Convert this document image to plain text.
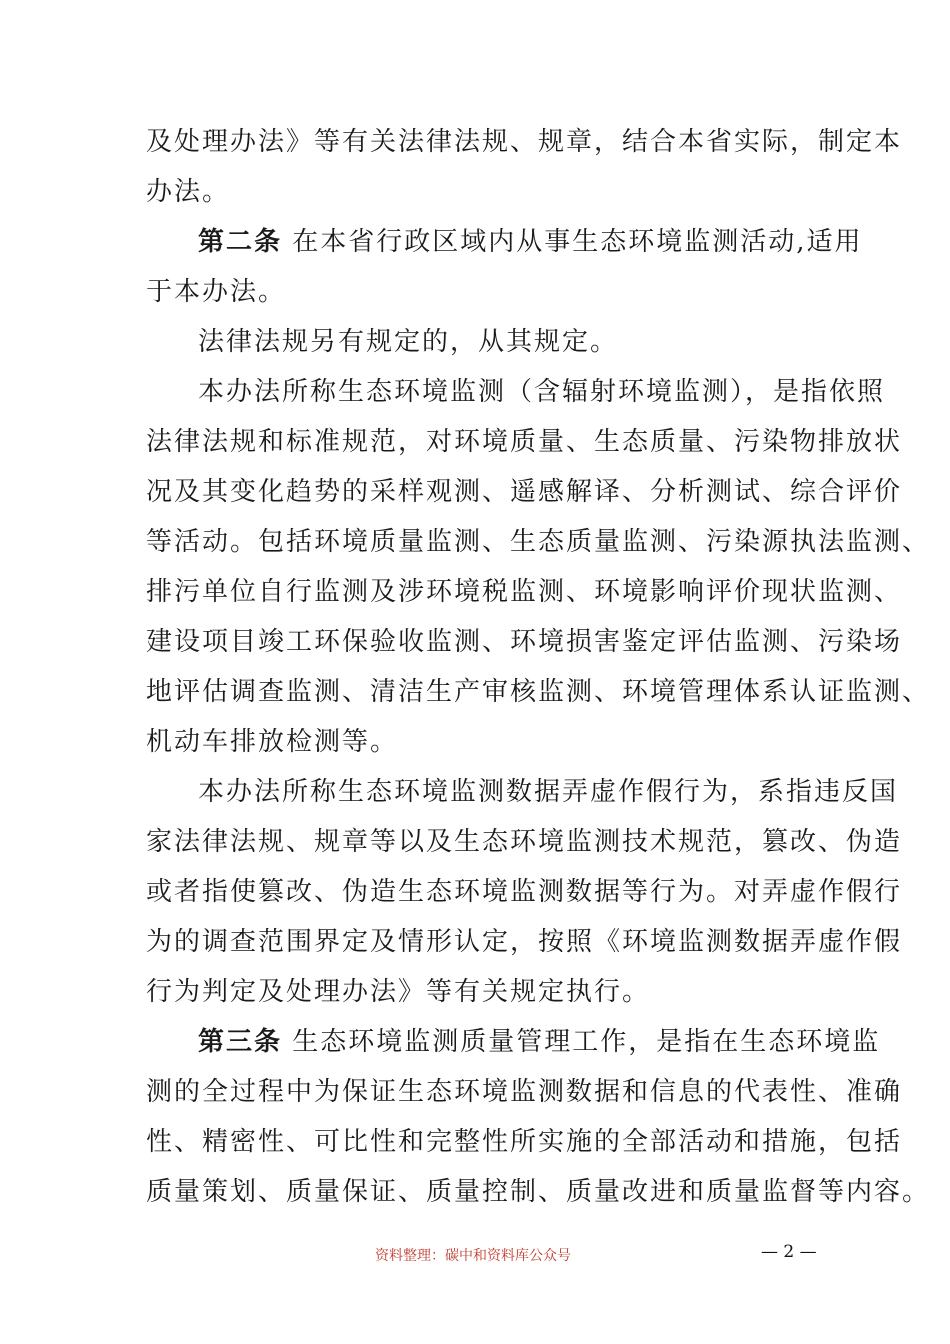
及处理办法》等有关法律法规、规章，结合本省实际，制定本
办法。
第二条 在本省行政区域内从事生态环境监测活动,适用
于本办法。
法律法规另有规定的，从其规定。
本办法所称生态环境监测（含辐射环境监测），是指依照
法律法规和标准规范，对环境质量、生态质量、污染物排放状
况及其变化趋势的采样观测、遥感解译、分析测试、综合评价
等活动。包括环境质量监测、生态质量监测、污染源执法监测、
排污单位自行监测及涉环境税监测、环境影响评价现状监测、
建设项目竣工环保验收监测、环境损害鉴定评估监测、污染场
地评估调查监测、清洁生产审核监测、环境管理体系认证监测、
机动车排放检测等。
本办法所称生态环境监测数据弄虚作假行为，系指违反国
家法律法规、规章等以及生态环境监测技术规范，篡改、伪造
或者指使篡改、伪造生态环境监测数据等行为。对弄虚作假行
为的调查范围界定及情形认定，按照《环境监测数据弄虚作假
行为判定及处理办法》等有关规定执行。
第三条 生态环境监测质量管理工作，是指在生态环境监
测的全过程中为保证生态环境监测数据和信息的代表性、准确
性、精密性、可比性和完整性所实施的全部活动和措施，包括
质量策划、质量保证、质量控制、质量改进和质量监督等内容。
资料整理：碳中和资料库公众号	— 2 —
